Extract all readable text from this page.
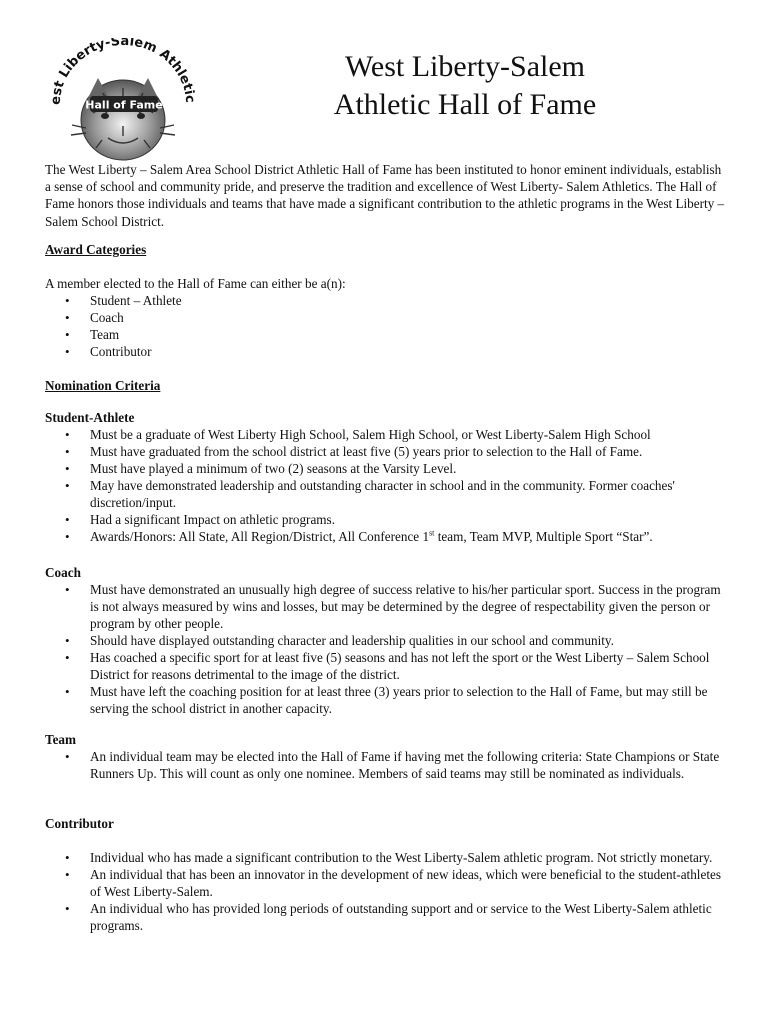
Hall of Fame
est Liberty-Salem Athletic
West Liberty-Salem
Athletic Hall of Fame

The West Liberty – Salem Area School District Athletic Hall of Fame has been instituted to honor eminent individuals, establish a sense of school and community pride, and preserve the tradition and excellence of West Liberty- Salem Athletics. The Hall of Fame honors those individuals and teams that have made a significant contribution to the athletic programs in the West Liberty – Salem School District.

Award Categories
A member elected to the Hall of Fame can either be a(n):
• Student – Athlete
• Coach
• Team
• Contributor
Nomination Criteria
Student-Athlete
• Must be a graduate of West Liberty High School, Salem High School, or West Liberty-Salem High School
• Must have graduated from the school district at least five (5) years prior to selection to the Hall of Fame.
• Must have played a minimum of two (2) seasons at the Varsity Level.
• May have demonstrated leadership and outstanding character in school and in the community. Former coaches' discretion/input.
• Had a significant Impact on athletic programs.
• Awards/Honors: All State, All Region/District, All Conference 1st team, Team MVP, Multiple Sport “Star”.
Coach
• Must have demonstrated an unusually high degree of success relative to his/her particular sport. Success in the program is not always measured by wins and losses, but may be determined by the degree of respectability given the person or program by other people.
• Should have displayed outstanding character and leadership qualities in our school and community.
• Has coached a specific sport for at least five (5) seasons and has not left the sport or the West Liberty – Salem School District for reasons detrimental to the image of the district.
• Must have left the coaching position for at least three (3) years prior to selection to the Hall of Fame, but may still be serving the school district in another capacity.
Team
• An individual team may be elected into the Hall of Fame if having met the following criteria: State Champions or State Runners Up. This will count as only one nominee. Members of said teams may still be nominated as individuals.
Contributor
• Individual who has made a significant contribution to the West Liberty-Salem athletic program. Not strictly monetary.
• An individual that has been an innovator in the development of new ideas, which were beneficial to the student-athletes of West Liberty-Salem.
• An individual who has provided long periods of outstanding support and or service to the West Liberty-Salem athletic programs.
